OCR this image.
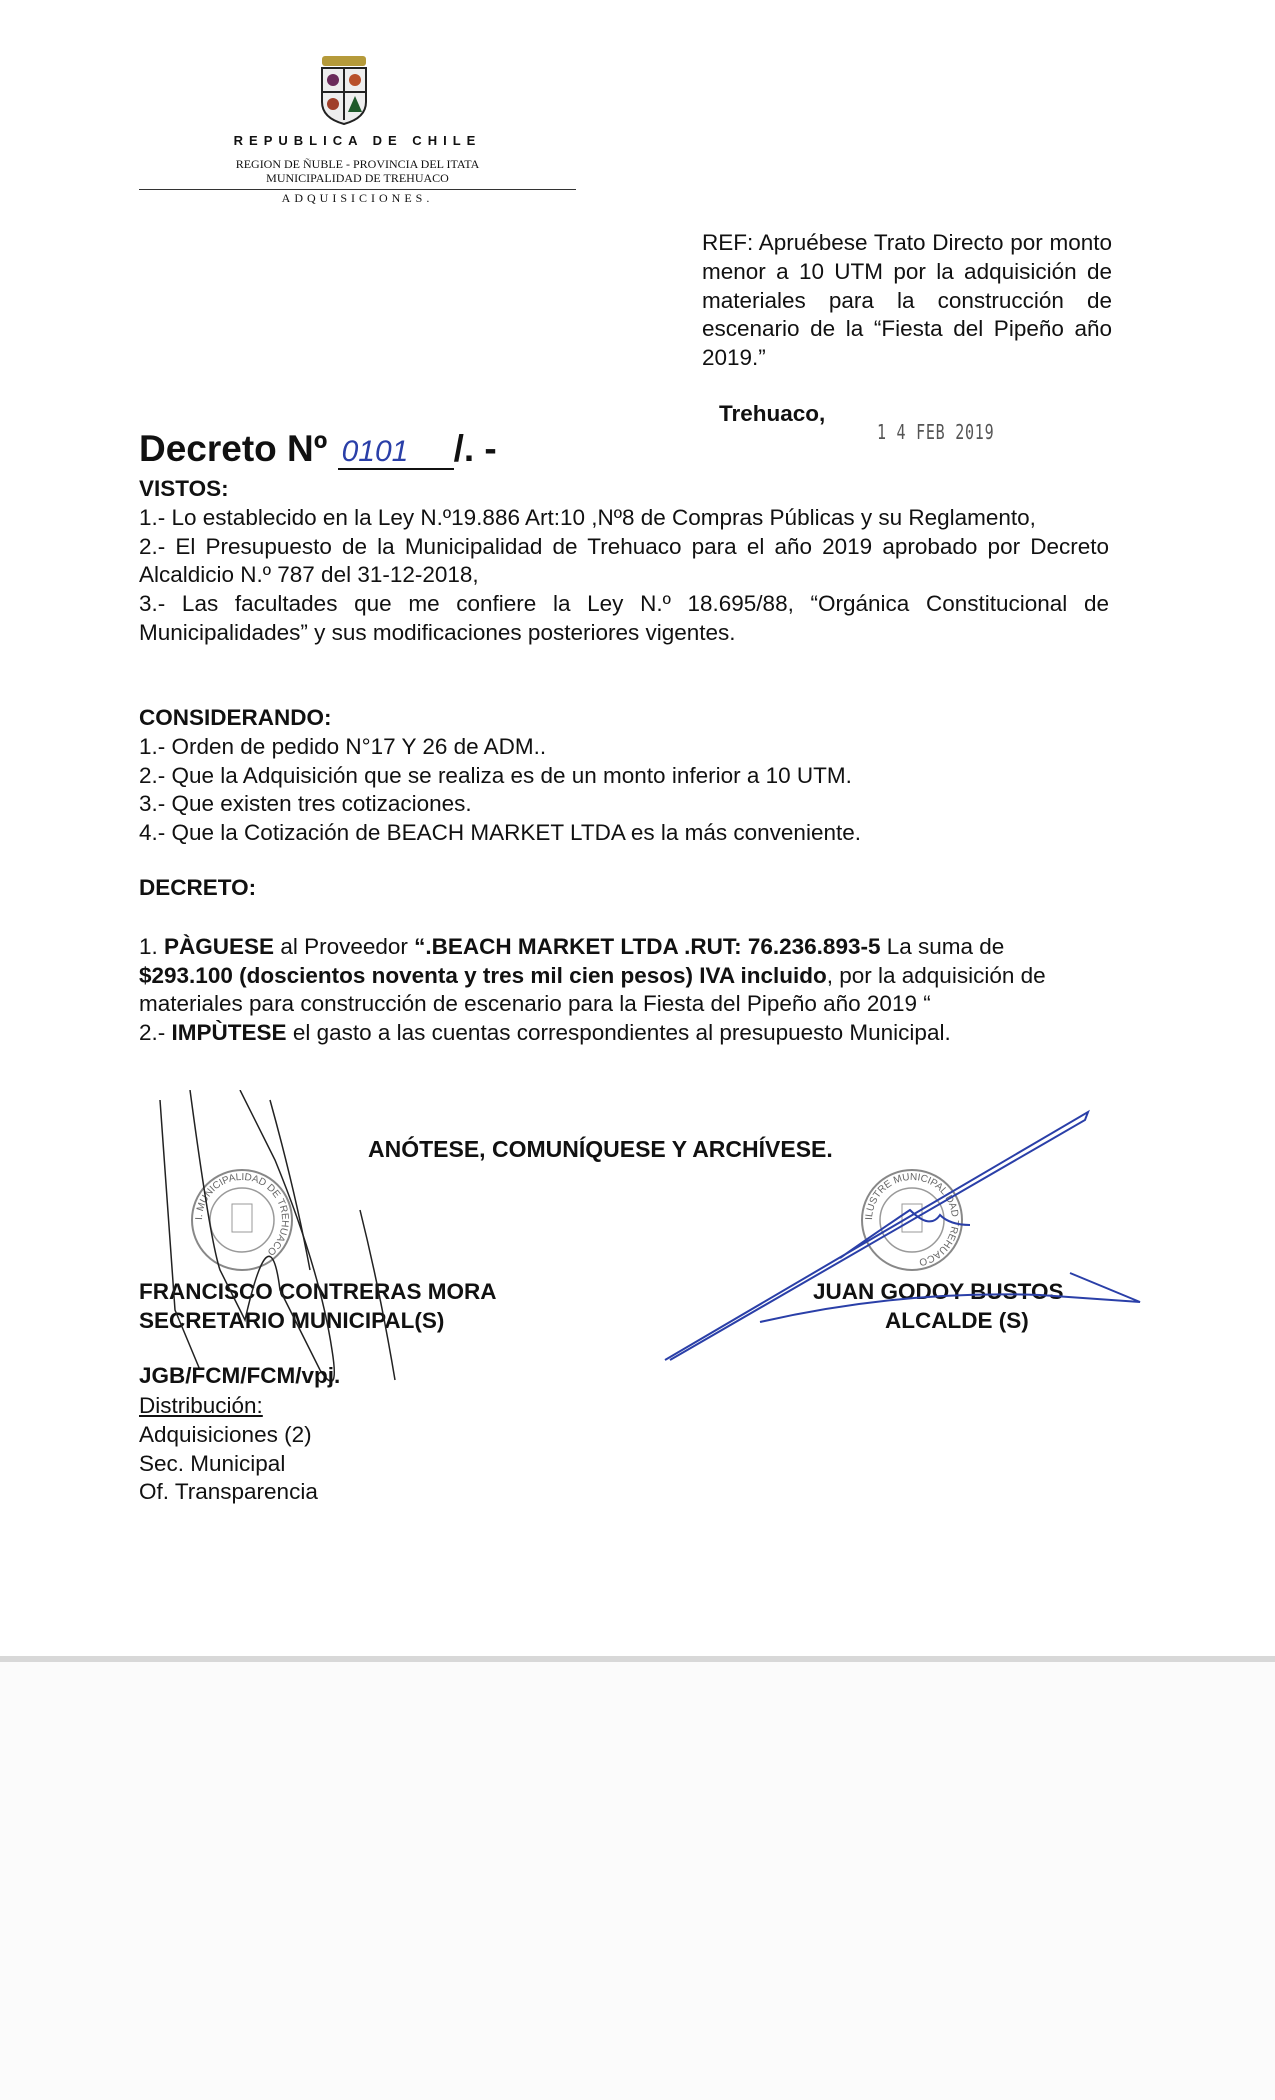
REPUBLICA DE CHILE
REGION DE ÑUBLE - PROVINCIA DEL ITATA
MUNICIPALIDAD DE TREHUACO
ADQUISICIONES.

REF: Apruébese Trato Directo por monto menor a 10 UTM por la adquisición de materiales para la construcción de escenario de la “Fiesta del Pipeño año 2019.”

Trehuaco,
1 4 FEB 2019
Decreto Nº 0101 /. -

VISTOS:

1.- Lo establecido en la Ley N.º19.886 Art:10 ,Nº8 de Compras Públicas y su Reglamento,

2.- El Presupuesto de la Municipalidad de Trehuaco para el año 2019 aprobado por Decreto Alcaldicio N.º 787 del 31-12-2018,

3.- Las facultades que me confiere la Ley N.º 18.695/88, “Orgánica Constitucional de Municipalidades” y sus modificaciones posteriores vigentes.

CONSIDERANDO:

1.- Orden de pedido N°17 Y 26 de ADM..

2.- Que la Adquisición que se realiza es de un monto inferior a 10 UTM.

3.- Que existen tres cotizaciones.

4.- Que la Cotización de BEACH MARKET LTDA es la más conveniente.

DECRETO:

1. PÀGUESE al Proveedor “.BEACH MARKET LTDA .RUT: 76.236.893-5 La suma de $293.100 (doscientos noventa y tres mil cien pesos) IVA incluido, por la adquisición de materiales para construcción de escenario para la Fiesta del Pipeño año 2019 “

2.- IMPÙTESE el gasto a las cuentas correspondientes al presupuesto Municipal.

I. MUNICIPALIDAD DE TREHUACO
ILUSTRE MUNICIPALIDAD TREHUACO
ANÓTESE, COMUNÍQUESE Y ARCHÍVESE.

FRANCISCO CONTRERAS MORA

SECRETARIO MUNICIPAL(S)

JUAN GODOY BUSTOS

ALCALDE (S)

JGB/FCM/FCM/vpj.

Distribución:

Adquisiciones (2)

Sec. Municipal

Of. Transparencia
